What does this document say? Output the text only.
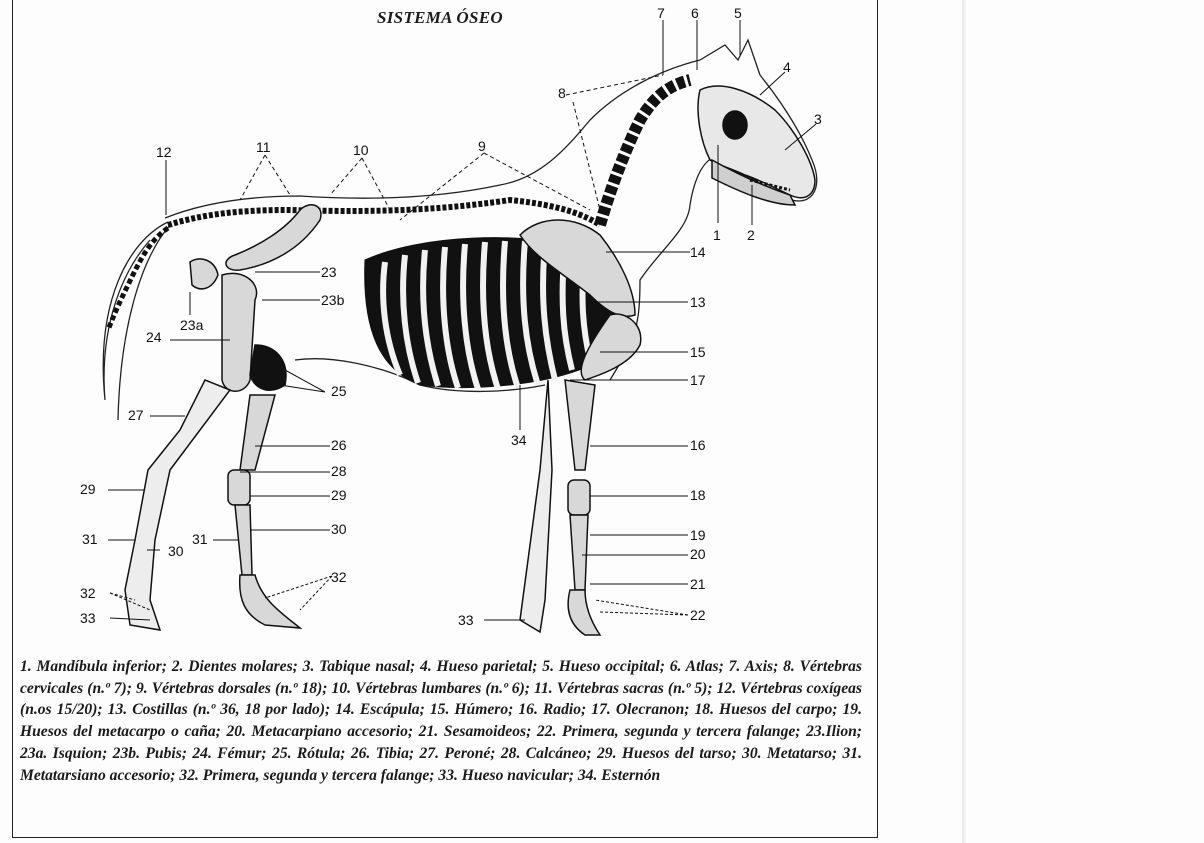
SISTEMA ÓSEO	7 6	5
4
3
8
12	11	10	9
1 2
14
23
23b
23a
24
13
15
25
17
27
34
26	16
28
29	29	18
30
31	31
30
19
20
21
32
32
33	33	22
1. Mandíbula inferior; 2. Dientes molares; 3. Tabique nasal; 4. Hueso parietal; 5. Hueso occipital; 6. Atlas; 7. Axis; 8. Vértebras cervicales (n.º 7); 9. Vértebras dorsales (n.º 18); 10. Vértebras lumbares (n.º 6); 11. Vértebras sacras (n.º 5); 12. Vértebras coxígeas (n.os 15/20); 13. Costillas (n.º 36, 18 por lado); 14. Escápula; 15. Húmero; 16. Radio; 17. Olecranon; 18. Huesos del carpo; 19. Huesos del metacarpo o caña; 20. Metacarpiano accesorio; 21. Sesamoideos; 22. Primera, segunda y tercera falange; 23.Ilion; 23a. Isquion; 23b. Pubis; 24. Fémur; 25. Rótula; 26. Tibia; 27. Peroné; 28. Calcáneo; 29. Huesos del tarso; 30. Metatarso; 31. Metatarsiano accesorio; 32. Primera, segunda y tercera falange; 33. Hueso navicular; 34. Esternón
